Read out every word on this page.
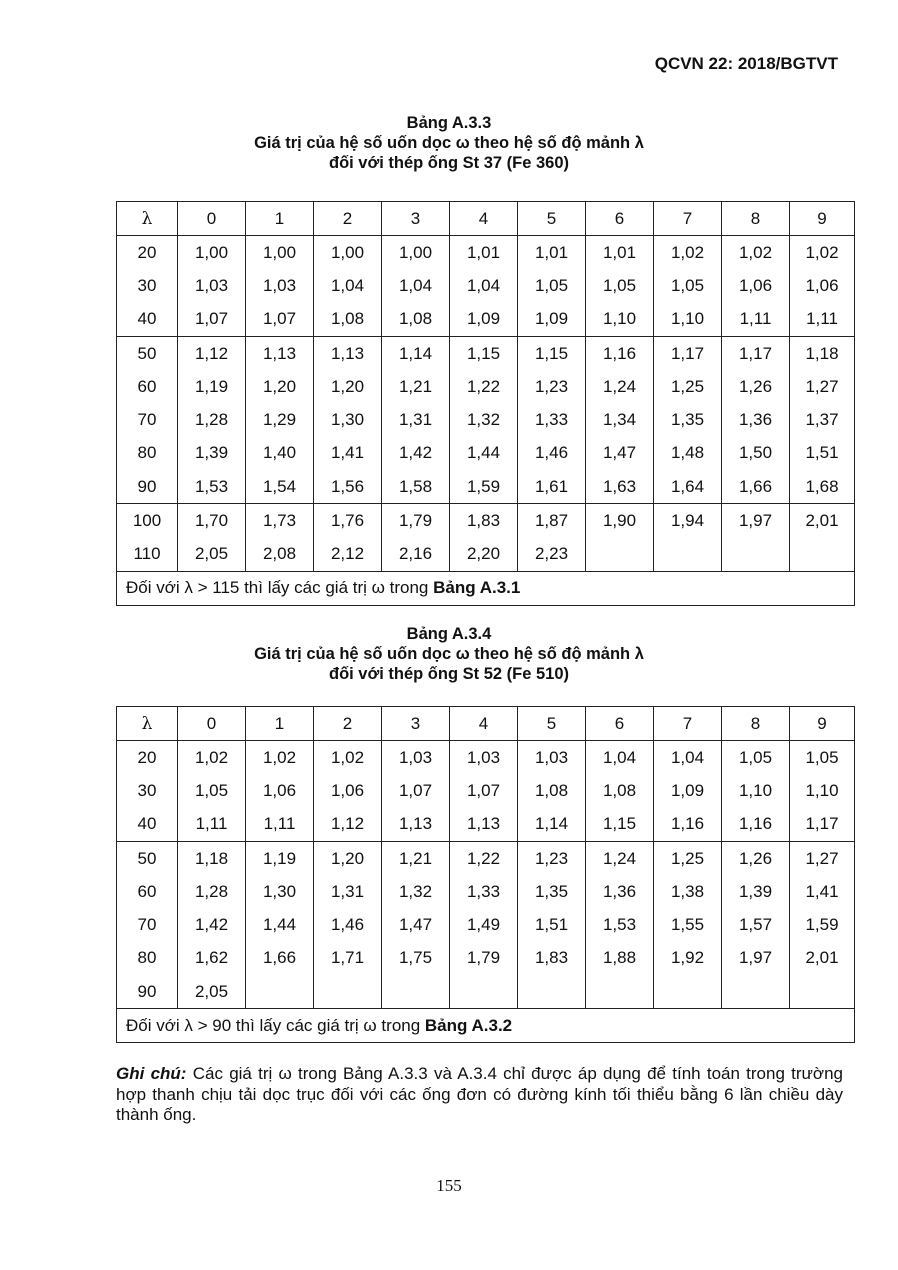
QCVN 22: 2018/BGTVT
Bảng A.3.3
Giá trị của hệ số uốn dọc ω theo hệ số độ mảnh λ
đối với thép ống St 37 (Fe 360)
λ	0	1	2	3	4	5	6	7	8	9
20	1,00	1,00	1,00	1,00	1,01	1,01	1,01	1,02	1,02	1,02
30	1,03	1,03	1,04	1,04	1,04	1,05	1,05	1,05	1,06	1,06
40	1,07	1,07	1,08	1,08	1,09	1,09	1,10	1,10	1,11	1,11
50	1,12	1,13	1,13	1,14	1,15	1,15	1,16	1,17	1,17	1,18
60	1,19	1,20	1,20	1,21	1,22	1,23	1,24	1,25	1,26	1,27
70	1,28	1,29	1,30	1,31	1,32	1,33	1,34	1,35	1,36	1,37
80	1,39	1,40	1,41	1,42	1,44	1,46	1,47	1,48	1,50	1,51
90	1,53	1,54	1,56	1,58	1,59	1,61	1,63	1,64	1,66	1,68
100	1,70	1,73	1,76	1,79	1,83	1,87	1,90	1,94	1,97	2,01
110	2,05	2,08	2,12	2,16	2,20	2,23				
Đối với λ > 115 thì lấy các giá trị ω trong Bảng A.3.1										
Bảng A.3.4
Giá trị của hệ số uốn dọc ω theo hệ số độ mảnh λ
đối với thép ống St 52 (Fe 510)
λ	0	1	2	3	4	5	6	7	8	9
20	1,02	1,02	1,02	1,03	1,03	1,03	1,04	1,04	1,05	1,05
30	1,05	1,06	1,06	1,07	1,07	1,08	1,08	1,09	1,10	1,10
40	1,11	1,11	1,12	1,13	1,13	1,14	1,15	1,16	1,16	1,17
50	1,18	1,19	1,20	1,21	1,22	1,23	1,24	1,25	1,26	1,27
60	1,28	1,30	1,31	1,32	1,33	1,35	1,36	1,38	1,39	1,41
70	1,42	1,44	1,46	1,47	1,49	1,51	1,53	1,55	1,57	1,59
80	1,62	1,66	1,71	1,75	1,79	1,83	1,88	1,92	1,97	2,01
90	2,05									
Đối với λ > 90 thì lấy các giá trị ω trong Bảng A.3.2										
Ghi chú: Các giá trị ω trong Bảng A.3.3 và A.3.4 chỉ được áp dụng để tính toán trong trường hợp thanh chịu tải dọc trục đối với các ống đơn có đường kính tối thiểu bằng 6 lần chiều dày thành ống.
155
